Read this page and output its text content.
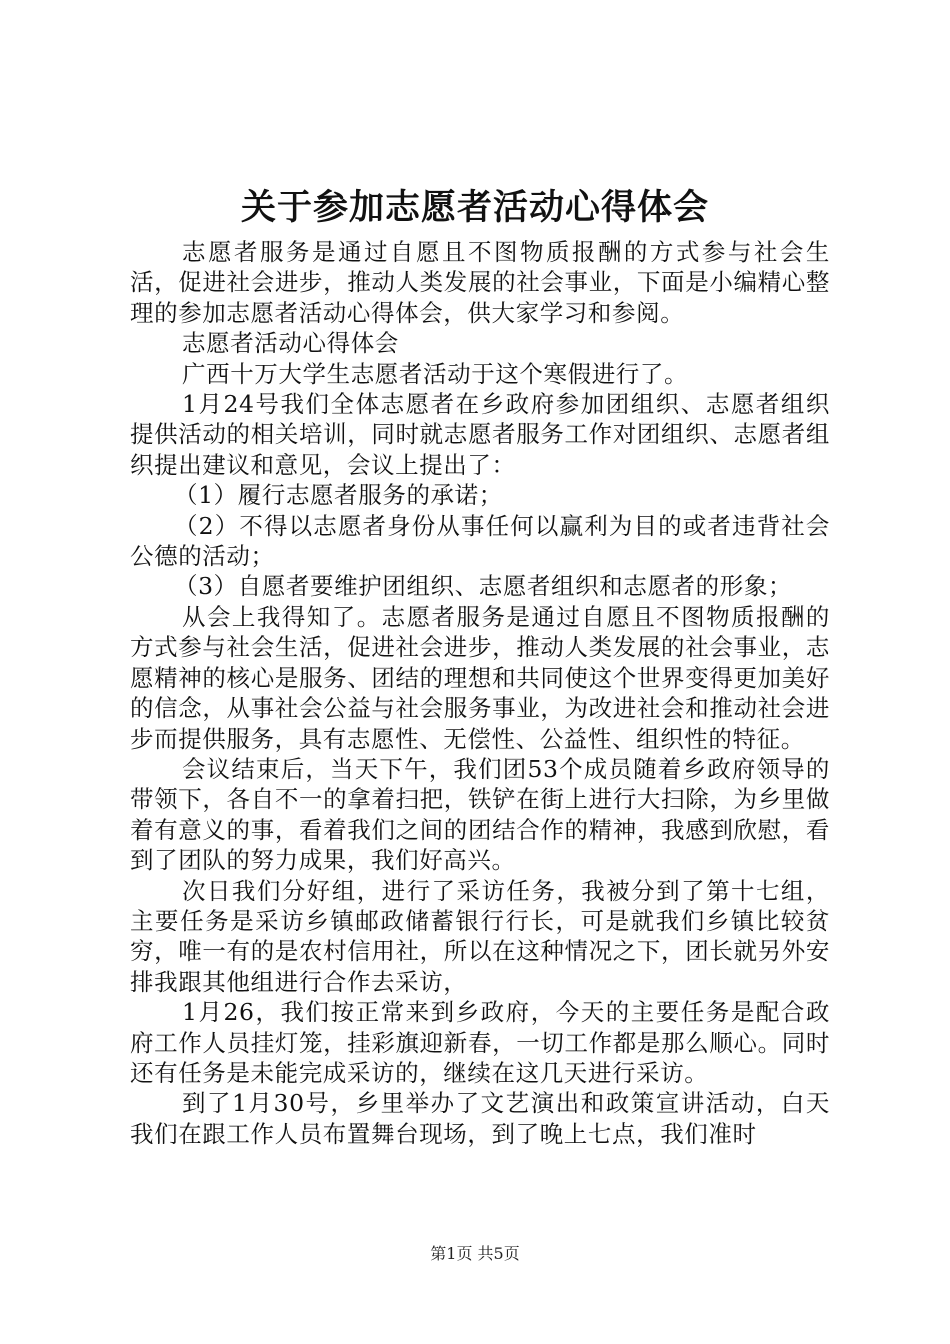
关于参加志愿者活动心得体会

志愿者服务是通过自愿且不图物质报酬的方式参与社会生活，促进社会进步，推动人类发展的社会事业，下面是小编精心整理的参加志愿者活动心得体会，供大家学习和参阅。

志愿者活动心得体会

广西十万大学生志愿者活动于这个寒假进行了。

1月24号我们全体志愿者在乡政府参加团组织、志愿者组织提供活动的相关培训，同时就志愿者服务工作对团组织、志愿者组织提出建议和意见，会议上提出了：

（1）履行志愿者服务的承诺；

（2）不得以志愿者身份从事任何以赢利为目的或者违背社会公德的活动；

（3）自愿者要维护团组织、志愿者组织和志愿者的形象；

从会上我得知了。志愿者服务是通过自愿且不图物质报酬的方式参与社会生活，促进社会进步，推动人类发展的社会事业，志愿精神的核心是服务、团结的理想和共同使这个世界变得更加美好的信念，从事社会公益与社会服务事业，为改进社会和推动社会进步而提供服务，具有志愿性、无偿性、公益性、组织性的特征。

会议结束后，当天下午，我们团53个成员随着乡政府领导的带领下，各自不一的拿着扫把，铁铲在街上进行大扫除，为乡里做着有意义的事，看着我们之间的团结合作的精神，我感到欣慰，看到了团队的努力成果，我们好高兴。

次日我们分好组，进行了采访任务，我被分到了第十七组，主要任务是采访乡镇邮政储蓄银行行长，可是就我们乡镇比较贫穷，唯一有的是农村信用社，所以在这种情况之下，团长就另外安排我跟其他组进行合作去采访，

1月26，我们按正常来到乡政府，今天的主要任务是配合政府工作人员挂灯笼，挂彩旗迎新春，一切工作都是那么顺心。同时还有任务是未能完成采访的，继续在这几天进行采访。

到了1月30号，乡里举办了文艺演出和政策宣讲活动，白天我们在跟工作人员布置舞台现场，到了晚上七点，我们准时

第1页 共5页
